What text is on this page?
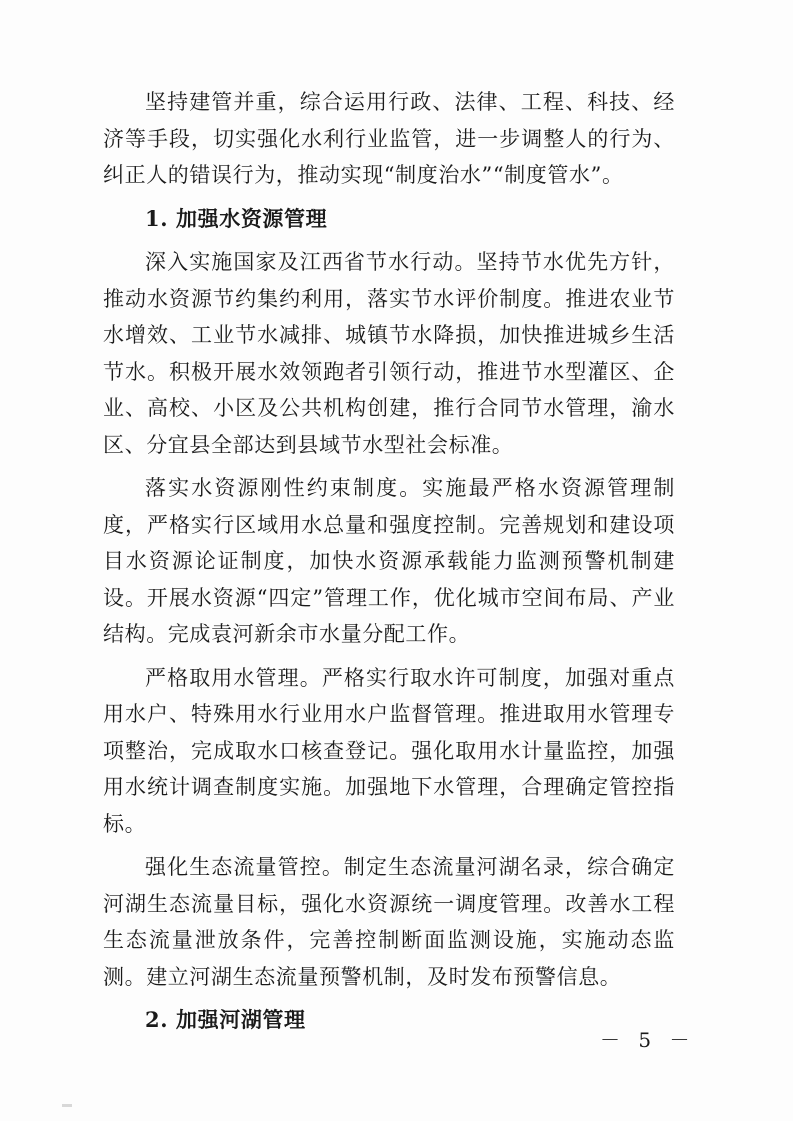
坚持建管并重，综合运用行政、法律、工程、科技、经济等手段，切实强化水利行业监管，进一步调整人的行为、纠正人的错误行为，推动实现“制度治水”“制度管水”。

1. 加强水资源管理

深入实施国家及江西省节水行动。坚持节水优先方针，推动水资源节约集约利用，落实节水评价制度。推进农业节水增效、工业节水减排、城镇节水降损，加快推进城乡生活节水。积极开展水效领跑者引领行动，推进节水型灌区、企业、高校、小区及公共机构创建，推行合同节水管理，渝水区、分宜县全部达到县域节水型社会标准。

落实水资源刚性约束制度。实施最严格水资源管理制度，严格实行区域用水总量和强度控制。完善规划和建设项目水资源论证制度，加快水资源承载能力监测预警机制建设。开展水资源“四定”管理工作，优化城市空间布局、产业结构。完成袁河新余市水量分配工作。

严格取用水管理。严格实行取水许可制度，加强对重点用水户、特殊用水行业用水户监督管理。推进取用水管理专项整治，完成取水口核查登记。强化取用水计量监控，加强用水统计调查制度实施。加强地下水管理，合理确定管控指标。

强化生态流量管控。制定生态流量河湖名录，综合确定河湖生态流量目标，强化水资源统一调度管理。改善水工程生态流量泄放条件，完善控制断面监测设施，实施动态监测。建立河湖生态流量预警机制，及时发布预警信息。

2. 加强河湖管理

－ 5 －
